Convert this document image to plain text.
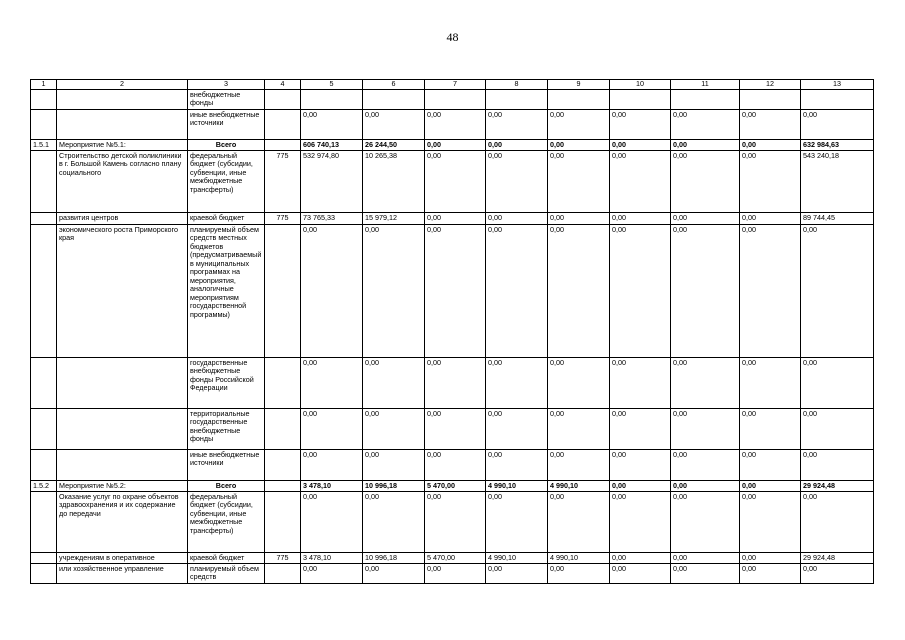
48
1	2	3	4	5	6	7	8	9	10	11	12	13
		внебюджетные фонды										
		иные внебюджетные источники		0,00	0,00	0,00	0,00	0,00	0,00	0,00	0,00	0,00
1.5.1	Мероприятие №5.1:	Всего		606 740,13	26 244,50	0,00	0,00	0,00	0,00	0,00	0,00	632 984,63
	Строительство детской поликлиники в г. Большой Камень согласно плану социального	федеральный бюджет (субсидии, субвенции, иные межбюджетные трансферты)	775	532 974,80	10 265,38	0,00	0,00	0,00	0,00	0,00	0,00	543 240,18
	развития центров	краевой бюджет	775	73 765,33	15 979,12	0,00	0,00	0,00	0,00	0,00	0,00	89 744,45
	экономического роста Приморского края	планируемый объем средств местных бюджетов (предусматриваемый в муниципальных программах на мероприятия, аналогичные мероприятиям государственной программы)		0,00	0,00	0,00	0,00	0,00	0,00	0,00	0,00	0,00
		государственные внебюджетные фонды Российской Федерации		0,00	0,00	0,00	0,00	0,00	0,00	0,00	0,00	0,00
		территориальные государственные внебюджетные фонды		0,00	0,00	0,00	0,00	0,00	0,00	0,00	0,00	0,00
		иные внебюджетные источники		0,00	0,00	0,00	0,00	0,00	0,00	0,00	0,00	0,00
1.5.2	Мероприятие №5.2:	Всего		3 478,10	10 996,18	5 470,00	4 990,10	4 990,10	0,00	0,00	0,00	29 924,48
	Оказание услуг по охране объектов здравоохранения и их содержание до передачи	федеральный бюджет (субсидии, субвенции, иные межбюджетные трансферты)		0,00	0,00	0,00	0,00	0,00	0,00	0,00	0,00	0,00
	учреждениям в оперативное	краевой бюджет	775	3 478,10	10 996,18	5 470,00	4 990,10	4 990,10	0,00	0,00	0,00	29 924,48
	или хозяйственное управление	планируемый объем средств		0,00	0,00	0,00	0,00	0,00	0,00	0,00	0,00	0,00
